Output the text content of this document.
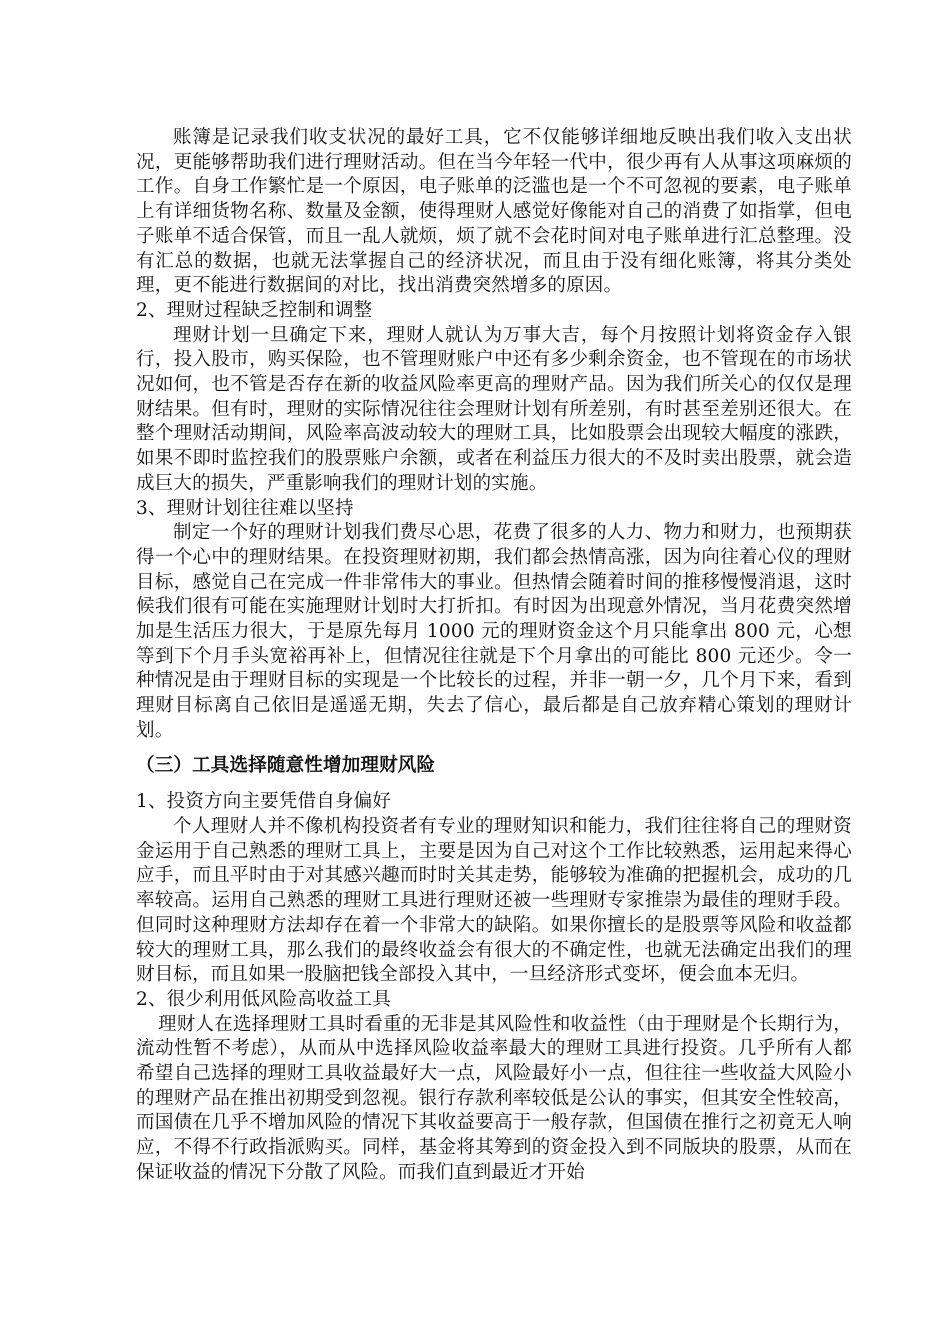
账簿是记录我们收支状况的最好工具，它不仅能够详细地反映出我们收入支出状况，更能够帮助我们进行理财活动。但在当今年轻一代中，很少再有人从事这项麻烦的工作。自身工作繁忙是一个原因，电子账单的泛滥也是一个不可忽视的要素，电子账单上有详细货物名称、数量及金额，使得理财人感觉好像能对自己的消费了如指掌，但电子账单不适合保管，而且一乱人就烦，烦了就不会花时间对电子账单进行汇总整理。没有汇总的数据，也就无法掌握自己的经济状况，而且由于没有细化账簿，将其分类处理，更不能进行数据间的对比，找出消费突然增多的原因。

2、理财过程缺乏控制和调整

理财计划一旦确定下来，理财人就认为万事大吉，每个月按照计划将资金存入银行，投入股市，购买保险，也不管理财账户中还有多少剩余资金，也不管现在的市场状况如何，也不管是否存在新的收益风险率更高的理财产品。因为我们所关心的仅仅是理财结果。但有时，理财的实际情况往往会理财计划有所差别，有时甚至差别还很大。在整个理财活动期间，风险率高波动较大的理财工具，比如股票会出现较大幅度的涨跌，如果不即时监控我们的股票账户余额，或者在利益压力很大的不及时卖出股票，就会造成巨大的损失，严重影响我们的理财计划的实施。

3、理财计划往往难以坚持

制定一个好的理财计划我们费尽心思，花费了很多的人力、物力和财力，也预期获得一个心中的理财结果。在投资理财初期，我们都会热情高涨，因为向往着心仪的理财目标，感觉自己在完成一件非常伟大的事业。但热情会随着时间的推移慢慢消退，这时候我们很有可能在实施理财计划时大打折扣。有时因为出现意外情况，当月花费突然增加是生活压力很大，于是原先每月 1000 元的理财资金这个月只能拿出 800 元，心想等到下个月手头宽裕再补上，但情况往往就是下个月拿出的可能比 800 元还少。令一种情况是由于理财目标的实现是一个比较长的过程，并非一朝一夕，几个月下来，看到理财目标离自己依旧是遥遥无期，失去了信心，最后都是自己放弃精心策划的理财计划。

（三）工具选择随意性增加理财风险

1、投资方向主要凭借自身偏好

个人理财人并不像机构投资者有专业的理财知识和能力，我们往往将自己的理财资金运用于自己熟悉的理财工具上，主要是因为自己对这个工作比较熟悉，运用起来得心应手，而且平时由于对其感兴趣而时时关其走势，能够较为准确的把握机会，成功的几率较高。运用自己熟悉的理财工具进行理财还被一些理财专家推崇为最佳的理财手段。但同时这种理财方法却存在着一个非常大的缺陷。如果你擅长的是股票等风险和收益都较大的理财工具，那么我们的最终收益会有很大的不确定性，也就无法确定出我们的理财目标，而且如果一股脑把钱全部投入其中，一旦经济形式变坏，便会血本无归。

2、很少利用低风险高收益工具

理财人在选择理财工具时看重的无非是其风险性和收益性（由于理财是个长期行为，流动性暂不考虑），从而从中选择风险收益率最大的理财工具进行投资。几乎所有人都希望自己选择的理财工具收益最好大一点，风险最好小一点，但往往一些收益大风险小的理财产品在推出初期受到忽视。银行存款利率较低是公认的事实，但其安全性较高，而国债在几乎不增加风险的情况下其收益要高于一般存款，但国债在推行之初竟无人响应，不得不行政指派购买。同样，基金将其筹到的资金投入到不同版块的股票，从而在保证收益的情况下分散了风险。而我们直到最近才开始
